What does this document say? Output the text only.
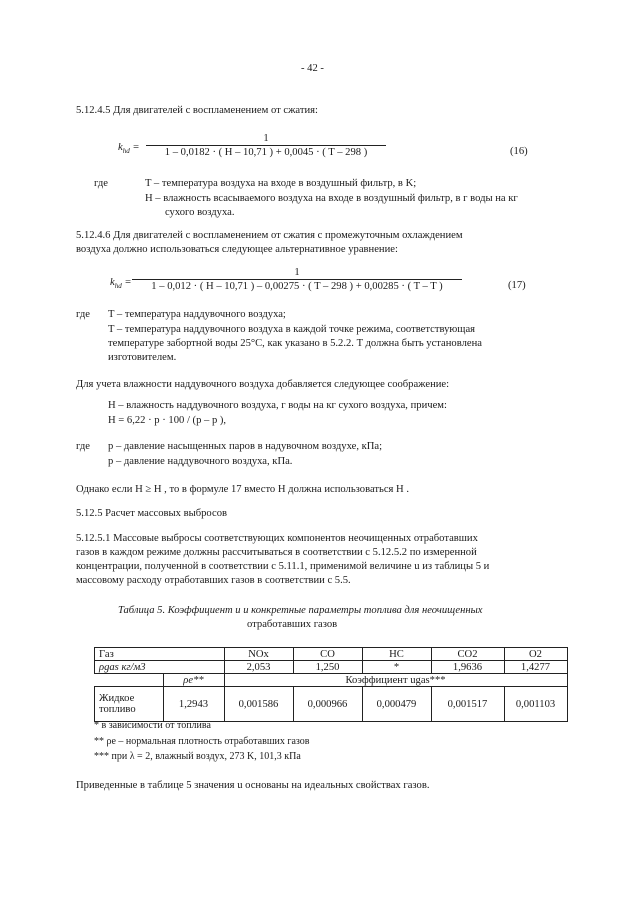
- 42 -
5.12.4.5 Для двигателей с воспламенением от сжатия:
$k_{hd}$ =
1
1 – 0,0182 · ( H – 10,71 ) + 0,0045 · ( T – 298 )	(16)
где	T – температура воздуха на входе в воздушный фильтр, в K;
H – влажность всасываемого воздуха на входе в воздушный фильтр, в г воды на кг
сухого воздуха.
5.12.4.6 Для двигателей с воспламенением от сжатия с промежуточным охлаждением
воздуха должно использоваться следующее альтернативное уравнение:
$k_{hd}$ =
1
1 – 0,012 · ( H – 10,71 ) – 0,00275 · ( T – 298 ) + 0,00285 · ( T – T )	(17)
где T – температура наддувочного воздуха;
T – температура наддувочного воздуха в каждой точке режима, соответствующая
температуре забортной воды 25°C, как указано в 5.2.2. T должна быть установлена
изготовителем.
Для учета влажности наддувочного воздуха добавляется следующее соображение:
H – влажность наддувочного воздуха, г воды на кг сухого воздуха, причем:
H = 6,22 · p · 100 / (p – p ),
где p – давление насыщенных паров в надувочном воздухе, кПа;
p – давление наддувочного воздуха, кПа.
Однако если H ≥ H , то в формуле 17 вместо H должна использоваться H .
5.12.5 Расчет массовых выбросов
5.12.5.1 Массовые выбросы соответствующих компонентов неочищенных отработавших
газов в каждом режиме должны рассчитываться в соответствии с 5.12.5.2 по измеренной
концентрации, полученной в соответствии с 5.11.1, применимой величине u из таблицы 5 и
массовому расходу отработавших газов в соответствии с 5.5.
Таблица 5. Коэффициент u и конкретные параметры топлива для неочищенных
отработавших газов
Газ		NOx	CO	HC	CO2	O2
ρgas кг/м3		2,053	1,250	*	1,9636	1,4277
	ρe**	Коэффициент ugas***				
Жидкое топливо	1,2943	0,001586	0,000966	0,000479	0,001517	0,001103
* в зависимости от топлива
** ρe – нормальная плотность отработавших газов
*** при λ = 2, влажный воздух, 273 K, 101,3 кПа
Приведенные в таблице 5 значения u основаны на идеальных свойствах газов.
